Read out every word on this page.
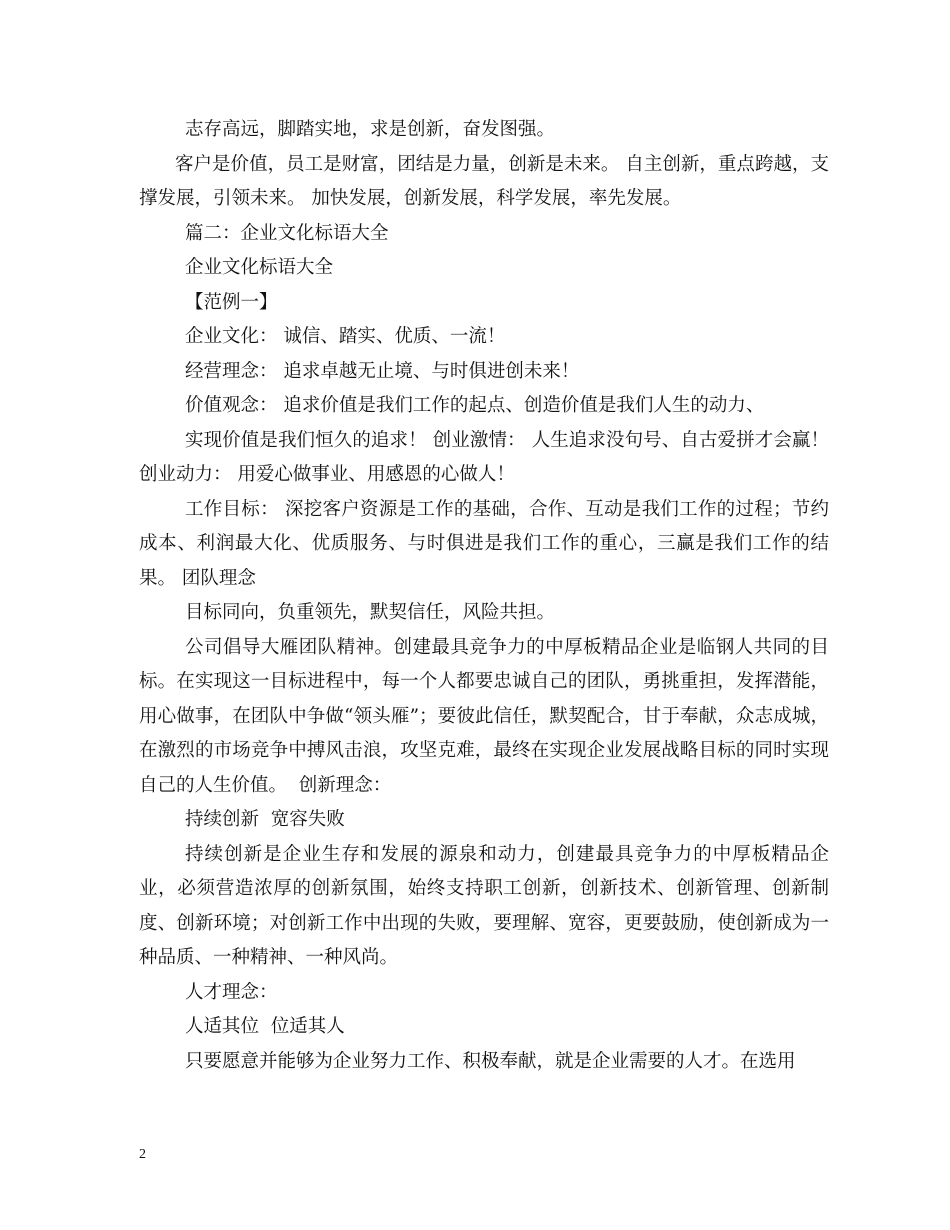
志存高远，脚踏实地，求是创新，奋发图强。

客户是价值，员工是财富，团结是力量，创新是未来。 自主创新，重点跨越，支撑发展，引领未来。 加快发展，创新发展，科学发展，率先发展。

篇二：企业文化标语大全

企业文化标语大全

【范例一】

企业文化： 诚信、踏实、优质、一流！

经营理念： 追求卓越无止境、与时俱进创未来！

价值观念： 追求价值是我们工作的起点、创造价值是我们人生的动力、

实现价值是我们恒久的追求！ 创业激情： 人生追求没句号、自古爱拼才会赢！ 创业动力： 用爱心做事业、用感恩的心做人！

工作目标： 深挖客户资源是工作的基础，合作、互动是我们工作的过程；节约成本、利润最大化、优质服务、与时俱进是我们工作的重心，三赢是我们工作的结果。 团队理念

目标同向，负重领先，默契信任，风险共担。

公司倡导大雁团队精神。创建最具竞争力的中厚板精品企业是临钢人共同的目标。在实现这一目标进程中，每一个人都要忠诚自己的团队，勇挑重担，发挥潜能，用心做事，在团队中争做“领头雁”；要彼此信任，默契配合，甘于奉献，众志成城，在激烈的市场竞争中搏风击浪，攻坚克难，最终在实现企业发展战略目标的同时实现自己的人生价值。  创新理念：

持续创新  宽容失败

持续创新是企业生存和发展的源泉和动力，创建最具竞争力的中厚板精品企业，必须营造浓厚的创新氛围，始终支持职工创新，创新技术、创新管理、创新制度、创新环境；对创新工作中出现的失败，要理解、宽容，更要鼓励，使创新成为一种品质、一种精神、一种风尚。

人才理念：

人适其位  位适其人

只要愿意并能够为企业努力工作、积极奉献，就是企业需要的人才。在选用

2
